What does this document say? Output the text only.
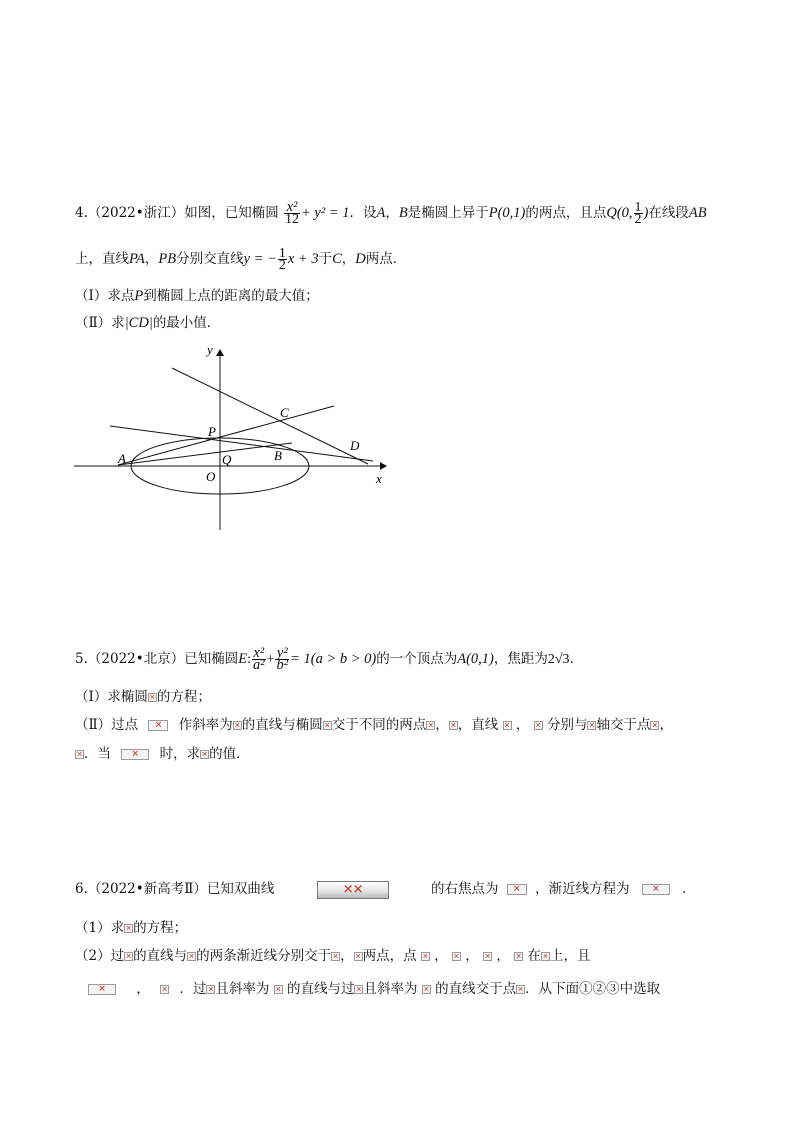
4.（2022•浙江）如图，已知椭圆 $\frac{\text{x²}}{12} + y^2 = 1$．设A，B是椭圆上异于P(0,1)的两点，且点Q(0, $\frac{1}{2}$ )在线段AB
上，直线PA，PB分别交直线y = − $\frac{1}{2}$ x + 3于C，D两点．
（Ⅰ）求点P到椭圆上点的距离的最大值；
（Ⅱ）求|CD|的最小值．
y
x
P
C
D
A	Q	B
O
5.（2022•北京）已知椭圆E: $\frac{\text{x²}}{\text{a²}} + \frac{\text{y²}}{\text{b²}} = 1(a > b > 0)$的一个顶点为A(0,1)，焦距为2√3．
（Ⅰ）求椭圆 ✕ 的方程；
（Ⅱ）过点 ✕ 作斜率为 ✕ 的直线与椭圆 ✕ 交于不同的两点 ✕ ， ✕ ，直线 ✕ ， ✕ 分别与 ✕ 轴交于点 ✕ ，
✕ ．当 ✕ 时，求 ✕ 的值．
6.（2022•新高考Ⅱ）已知双曲线	✕✕	的右焦点为 ✕ ，渐近线方程为	✕ ．
（1）求 ✕ 的方程；
（2）过 ✕ 的直线与 ✕ 的两条渐近线分别交于 ✕ ， ✕ 两点，点 ✕ ， ✕ ， ✕ ， ✕ 在 ✕ 上，且
✕ ， ✕ ．过 ✕ 且斜率为 ✕ 的直线与过 ✕ 且斜率为 ✕ 的直线交于点 ✕ ．从下面①②③中选取
